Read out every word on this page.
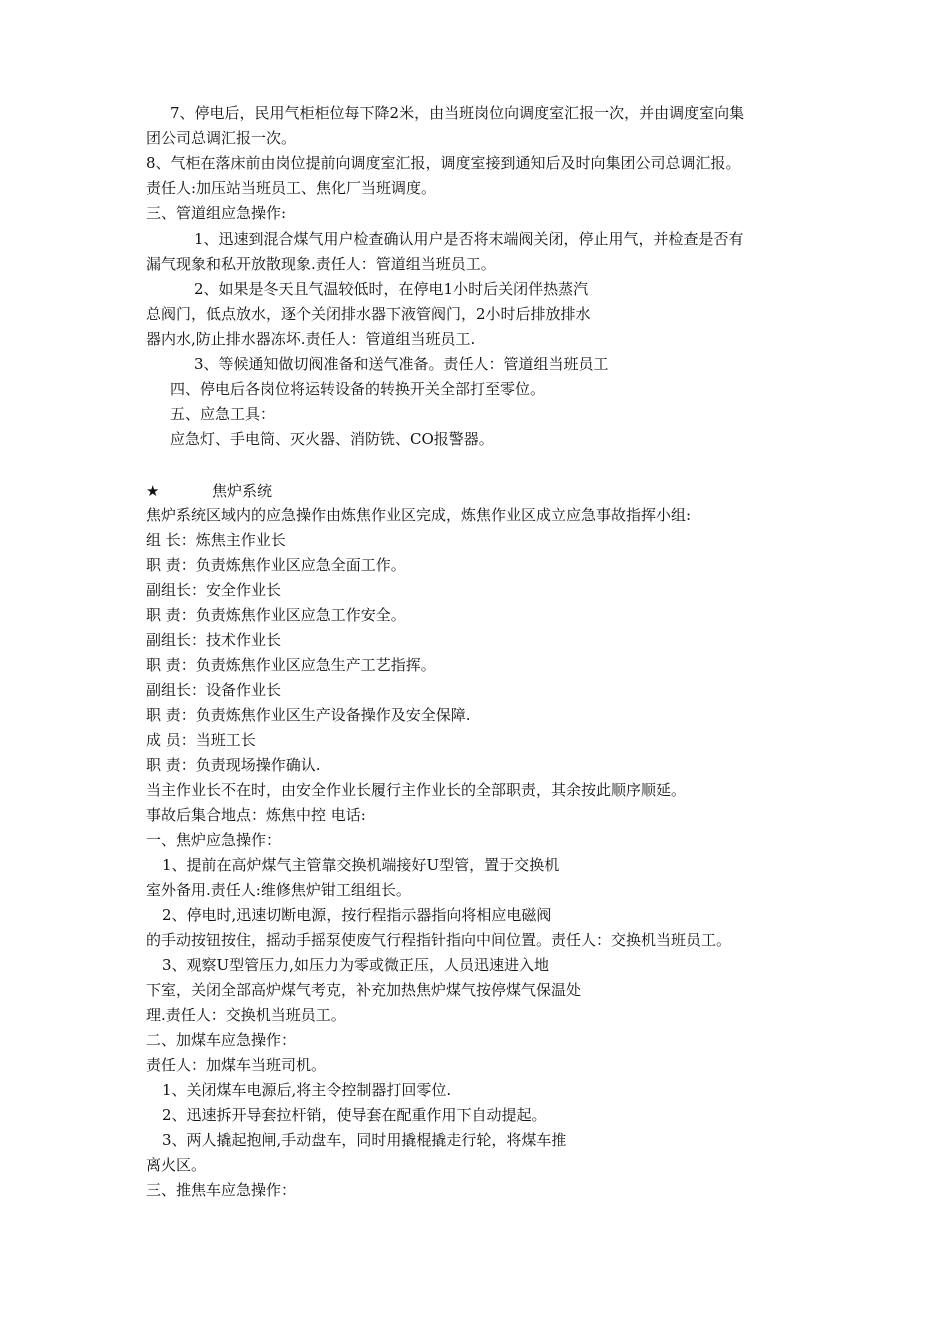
7、停电后，民用气柜柜位每下降2米，由当班岗位向调度室汇报一次，并由调度室向集
团公司总调汇报一次。
8、气柜在落床前由岗位提前向调度室汇报，调度室接到通知后及时向集团公司总调汇报。
责任人:加压站当班员工、焦化厂当班调度。
三、管道组应急操作:
1、迅速到混合煤气用户检查确认用户是否将末端阀关闭，停止用气，并检查是否有
漏气现象和私开放散现象.责任人：管道组当班员工。
2、如果是冬天且气温较低时，在停电1小时后关闭伴热蒸汽
总阀门，低点放水，逐个关闭排水器下液管阀门，2小时后排放排水
器内水,防止排水器冻坏.责任人：管道组当班员工.
3、等候通知做切阀准备和送气准备。责任人：管道组当班员工
四、停电后各岗位将运转设备的转换开关全部打至零位。
五、应急工具：
应急灯、手电筒、灭火器、消防铣、CO报警器。
★	焦炉系统
焦炉系统区域内的应急操作由炼焦作业区完成，炼焦作业区成立应急事故指挥小组:
组 长：炼焦主作业长
职 责：负责炼焦作业区应急全面工作。
副组长：安全作业长
职 责：负责炼焦作业区应急工作安全。
副组长：技术作业长
职 责：负责炼焦作业区应急生产工艺指挥。
副组长：设备作业长
职 责：负责炼焦作业区生产设备操作及安全保障.
成 员：当班工长
职 责：负责现场操作确认.
当主作业长不在时，由安全作业长履行主作业长的全部职责，其余按此顺序顺延。
事故后集合地点：炼焦中控 电话:
一、焦炉应急操作：
1、提前在高炉煤气主管靠交换机端接好U型管，置于交换机
室外备用.责任人:维修焦炉钳工组组长。
2、停电时,迅速切断电源，按行程指示器指向将相应电磁阀
的手动按钮按住，摇动手摇泵使废气行程指针指向中间位置。责任人：交换机当班员工。
3、观察U型管压力,如压力为零或微正压，人员迅速进入地
下室，关闭全部高炉煤气考克，补充加热焦炉煤气按停煤气保温处
理.责任人：交换机当班员工。
二、加煤车应急操作：
责任人：加煤车当班司机。
1、关闭煤车电源后,将主令控制器打回零位.
2、迅速拆开导套拉杆销，使导套在配重作用下自动提起。
3、两人撬起抱闸,手动盘车，同时用撬棍撬走行轮，将煤车推
离火区。
三、推焦车应急操作：
